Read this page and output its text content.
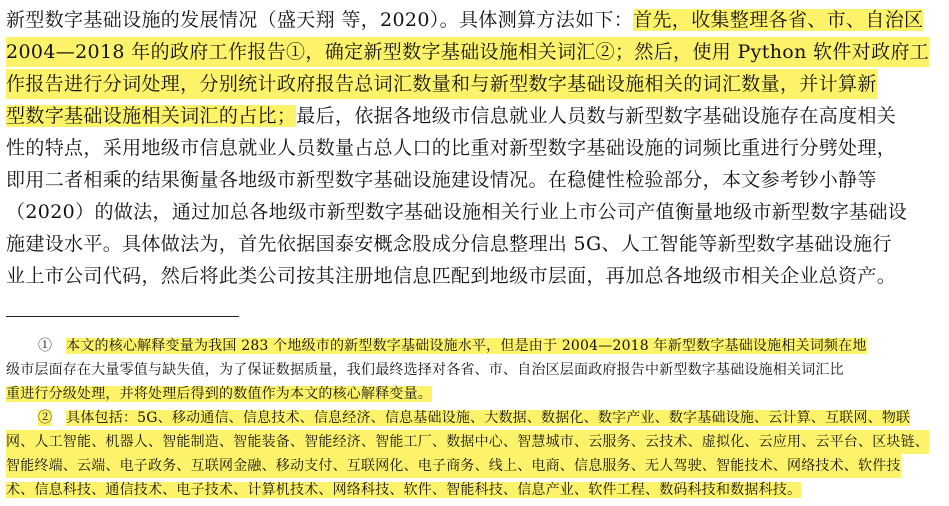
新型数字基础设施的发展情况（盛天翔 等，2020）。具体测算方法如下：首先，收集整理各省、市、自治区
2004—2018 年的政府工作报告①，确定新型数字基础设施相关词汇②；然后，使用 Python 软件对政府工
作报告进行分词处理，分别统计政府报告总词汇数量和与新型数字基础设施相关的词汇数量，并计算新
型数字基础设施相关词汇的占比；最后，依据各地级市信息就业人员数与新型数字基础设施存在高度相关
性的特点，采用地级市信息就业人员数量占总人口的比重对新型数字基础设施的词频比重进行分劈处理，
即用二者相乘的结果衡量各地级市新型数字基础设施建设情况。在稳健性检验部分，本文参考钞小静等
（2020）的做法，通过加总各地级市新型数字基础设施相关行业上市公司产值衡量地级市新型数字基础设
施建设水平。具体做法为，首先依据国泰安概念股成分信息整理出 5G、人工智能等新型数字基础设施行
业上市公司代码，然后将此类公司按其注册地信息匹配到地级市层面，再加总各地级市相关企业总资产。
① 本文的核心解释变量为我国 283 个地级市的新型数字基础设施水平，但是由于 2004—2018 年新型数字基础设施相关词频在地
级市层面存在大量零值与缺失值，为了保证数据质量，我们最终选择对各省、市、自治区层面政府报告中新型数字基础设施相关词汇比
重进行分级处理，并将处理后得到的数值作为本文的核心解释变量。
② 具体包括：5G、移动通信、信息技术、信息经济、信息基础设施、大数据、数据化、数字产业、数字基础设施、云计算、互联网、物联
网、人工智能、机器人、智能制造、智能装备、智能经济、智能工厂、数据中心、智慧城市、云服务、云技术、虚拟化、云应用、云平台、区块链、
智能终端、云端、电子政务、互联网金融、移动支付、互联网化、电子商务、线上、电商、信息服务、无人驾驶、智能技术、网络技术、软件技
术、信息科技、通信技术、电子技术、计算机技术、网络科技、软件、智能科技、信息产业、软件工程、数码科技和数据科技。
